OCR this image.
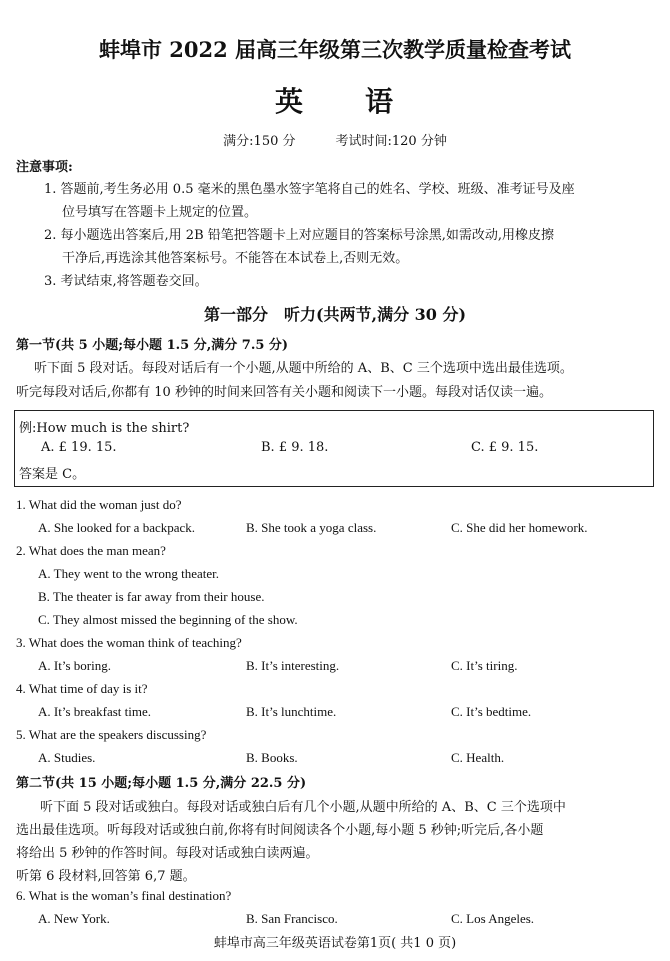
蚌埠市 2022 届高三年级第三次教学质量检查考试
英 语
满分:150 分	考试时间:120 分钟
注意事项:
1. 答题前,考生务必用 0.5 毫米的黑色墨水签字笔将自己的姓名、学校、班级、准考证号及座
位号填写在答题卡上规定的位置。
2. 每小题选出答案后,用 2B 铅笔把答题卡上对应题目的答案标号涂黑,如需改动,用橡皮擦
干净后,再选涂其他答案标号。不能答在本试卷上,否则无效。
3. 考试结束,将答题卷交回。
第一部分　听力(共两节,满分 30 分)
第一节(共 5 小题;每小题 1.5 分,满分 7.5 分)
听下面 5 段对话。每段对话后有一个小题,从题中所给的 A、B、C 三个选项中选出最佳选项。
听完每段对话后,你都有 10 秒钟的时间来回答有关小题和阅读下一小题。每段对话仅读一遍。
例:How much is the shirt?
A. £ 19. 15.	B. £ 9. 18.	C. £ 9. 15.
答案是 C。
1. What did the woman just do?
A. She looked for a backpack.	B. She took a yoga class.	C. She did her homework.
2. What does the man mean?
A. They went to the wrong theater.
B. The theater is far away from their house.
C. They almost missed the beginning of the show.
3. What does the woman think of teaching?
A. It’s boring.	B. It’s interesting.	C. It’s tiring.
4. What time of day is it?
A. It’s breakfast time.	B. It’s lunchtime.	C. It’s bedtime.
5. What are the speakers discussing?
A. Studies.	B. Books.	C. Health.
第二节(共 15 小题;每小题 1.5 分,满分 22.5 分)
听下面 5 段对话或独白。每段对话或独白后有几个小题,从题中所给的 A、B、C 三个选项中
选出最佳选项。听每段对话或独白前,你将有时间阅读各个小题,每小题 5 秒钟;听完后,各小题
将给出 5 秒钟的作答时间。每段对话或独白读两遍。
听第 6 段材料,回答第 6,7 题。
6. What is the woman’s final destination?
A. New York.	B. San Francisco.	C. Los Angeles.
蚌埠市高三年级英语试卷第1页( 共1 0 页)
